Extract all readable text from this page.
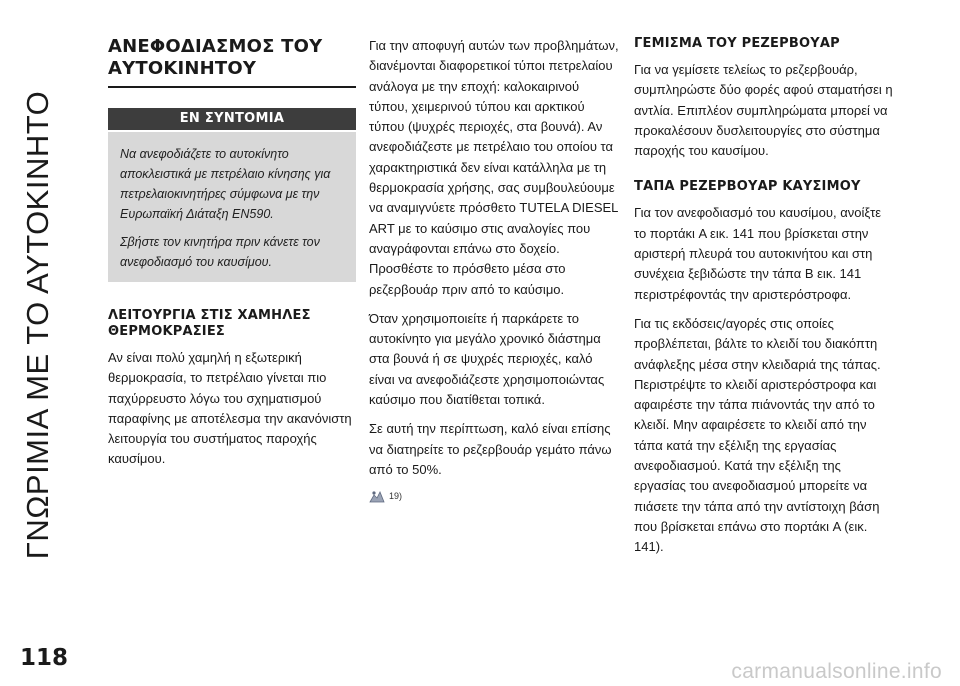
ΓΝΩΡΙΜΙΑ ΜΕ ΤΟ ΑΥΤΟΚΙΝΗΤΟ
118
ΑΝΕΦΟΔΙΑΣΜΟΣ ΤΟΥ
ΑΥΤΟΚΙΝΗΤΟΥ
ΕΝ ΣΥΝΤΟΜΙΑ

Να ανεφοδιάζετε το αυτοκίνητο αποκλειστικά με πετρέλαιο κίνησης για πετρελαιοκινητήρες σύμφωνα με την Ευρωπαϊκή Διάταξη EN590.

Σβήστε τον κινητήρα πριν κάνετε τον ανεφοδιασμό του καυσίμου.

ΛΕΙΤΟΥΡΓΙΑ ΣΤΙΣ ΧΑΜΗΛΕΣ ΘΕΡΜΟΚΡΑΣΙΕΣ

Αν είναι πολύ χαμηλή η εξωτερική θερμοκρασία, το πετρέλαιο γίνεται πιο παχύρρευστο λόγω του σχηματισμού παραφίνης με αποτέλεσμα την ακανόνιστη λειτουργία του συστήματος παροχής καυσίμου.

Για την αποφυγή αυτών των προβλημάτων, διανέμονται διαφορετικοί τύποι πετρελαίου ανάλογα με την εποχή: καλοκαιρινού τύπου, χειμερινού τύπου και αρκτικού τύπου (ψυχρές περιοχές, στα βουνά). Αν ανεφοδιάζεστε με πετρέλαιο του οποίου τα χαρακτηριστικά δεν είναι κατάλληλα με τη θερμοκρασία χρήσης, σας συμβουλεύουμε να αναμιγνύετε πρόσθετο TUTELA DIESEL ART με το καύσιμο στις αναλογίες που αναγράφονται επάνω στο δοχείο. Προσθέστε το πρόσθετο μέσα στο ρεζερβουάρ πριν από το καύσιμο.

Όταν χρησιμοποιείτε ή παρκάρετε το αυτοκίνητο για μεγάλο χρονικό διάστημα στα βουνά ή σε ψυχρές περιοχές, καλό είναι να ανεφοδιάζεστε χρησιμοποιώντας καύσιμο που διατίθεται τοπικά.

Σε αυτή την περίπτωση, καλό είναι επίσης να διατηρείτε το ρεζερβουάρ γεμάτο πάνω από το 50%.

19)
ΓΕΜΙΣΜΑ ΤΟΥ ΡΕΖΕΡΒΟΥΑΡ

Για να γεμίσετε τελείως το ρεζερβουάρ, συμπληρώστε δύο φορές αφού σταματήσει η αντλία. Επιπλέον συμπληρώματα μπορεί να προκαλέσουν δυσλειτουργίες στο σύστημα παροχής του καυσίμου.

ΤΑΠΑ ΡΕΖΕΡΒΟΥΑΡ ΚΑΥΣΙΜΟΥ

Για τον ανεφοδιασμό του καυσίμου, ανοίξτε το πορτάκι A εικ. 141 που βρίσκεται στην αριστερή πλευρά του αυτοκινήτου και στη συνέχεια ξεβιδώστε την τάπα B εικ. 141 περιστρέφοντάς την αριστερόστροφα.

Για τις εκδόσεις/αγορές στις οποίες προβλέπεται, βάλτε το κλειδί του διακόπτη ανάφλεξης μέσα στην κλειδαριά της τάπας. Περιστρέψτε το κλειδί αριστερόστροφα και αφαιρέστε την τάπα πιάνοντάς την από το κλειδί. Μην αφαιρέσετε το κλειδί από την τάπα κατά την εξέλιξη της εργασίας ανεφοδιασμού. Κατά την εξέλιξη της εργασίας του ανεφοδιασμού μπορείτε να πιάσετε την τάπα από την αντίστοιχη βάση που βρίσκεται επάνω στο πορτάκι A (εικ. 141).

carmanualsonline.info
